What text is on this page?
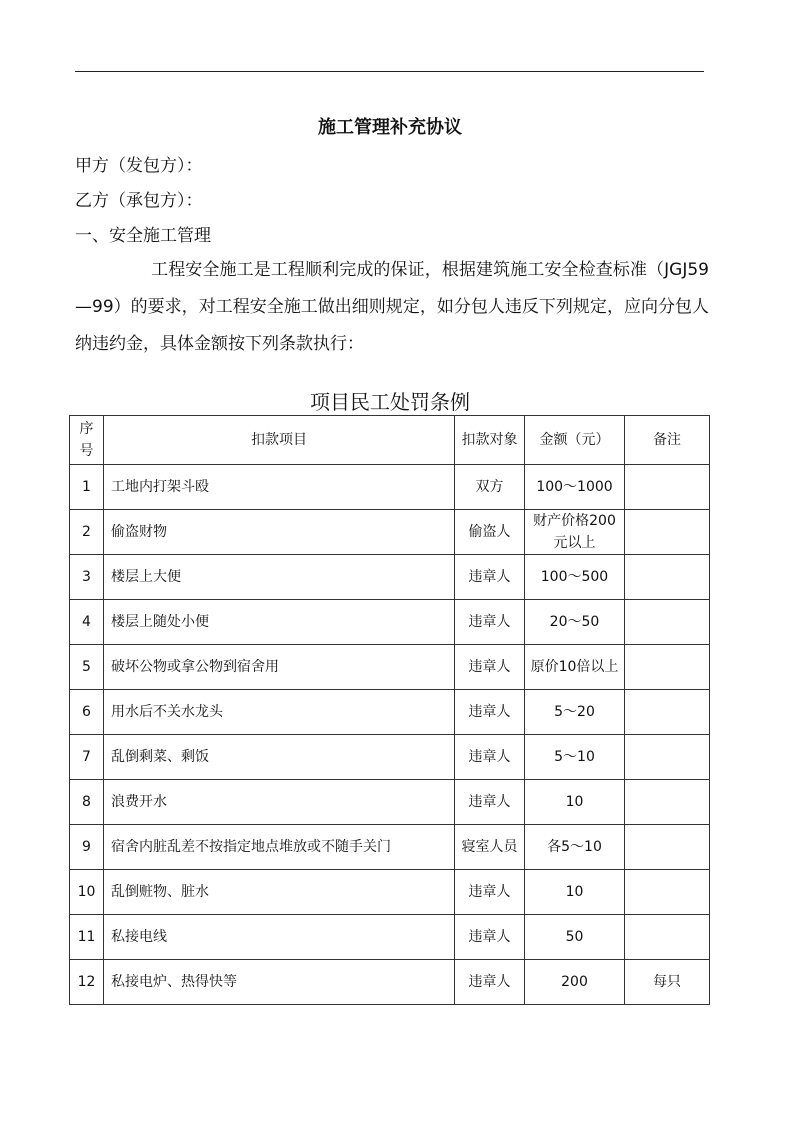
施工管理补充协议
甲方（发包方）：
乙方（承包方）：
一、安全施工管理
工程安全施工是工程顺利完成的保证，根据建筑施工安全检查标准（JGJ59—99）的要求，对工程安全施工做出细则规定，如分包人违反下列规定，应向分包人纳违约金，具体金额按下列条款执行：
项目民工处罚条例
序号	扣款项目	扣款对象	金额（元）	备注
1	工地内打架斗殴	双方	100～1000	
2	偷盗财物	偷盗人	财产价格200元以上	
3	楼层上大便	违章人	100～500	
4	楼层上随处小便	违章人	20～50	
5	破坏公物或拿公物到宿舍用	违章人	原价10倍以上	
6	用水后不关水龙头	违章人	5～20	
7	乱倒剩菜、剩饭	违章人	5～10	
8	浪费开水	违章人	10	
9	宿舍内脏乱差不按指定地点堆放或不随手关门	寝室人员	各5～10	
10	乱倒赃物、脏水	违章人	10	
11	私接电线	违章人	50	
12	私接电炉、热得快等	违章人	200	每只
